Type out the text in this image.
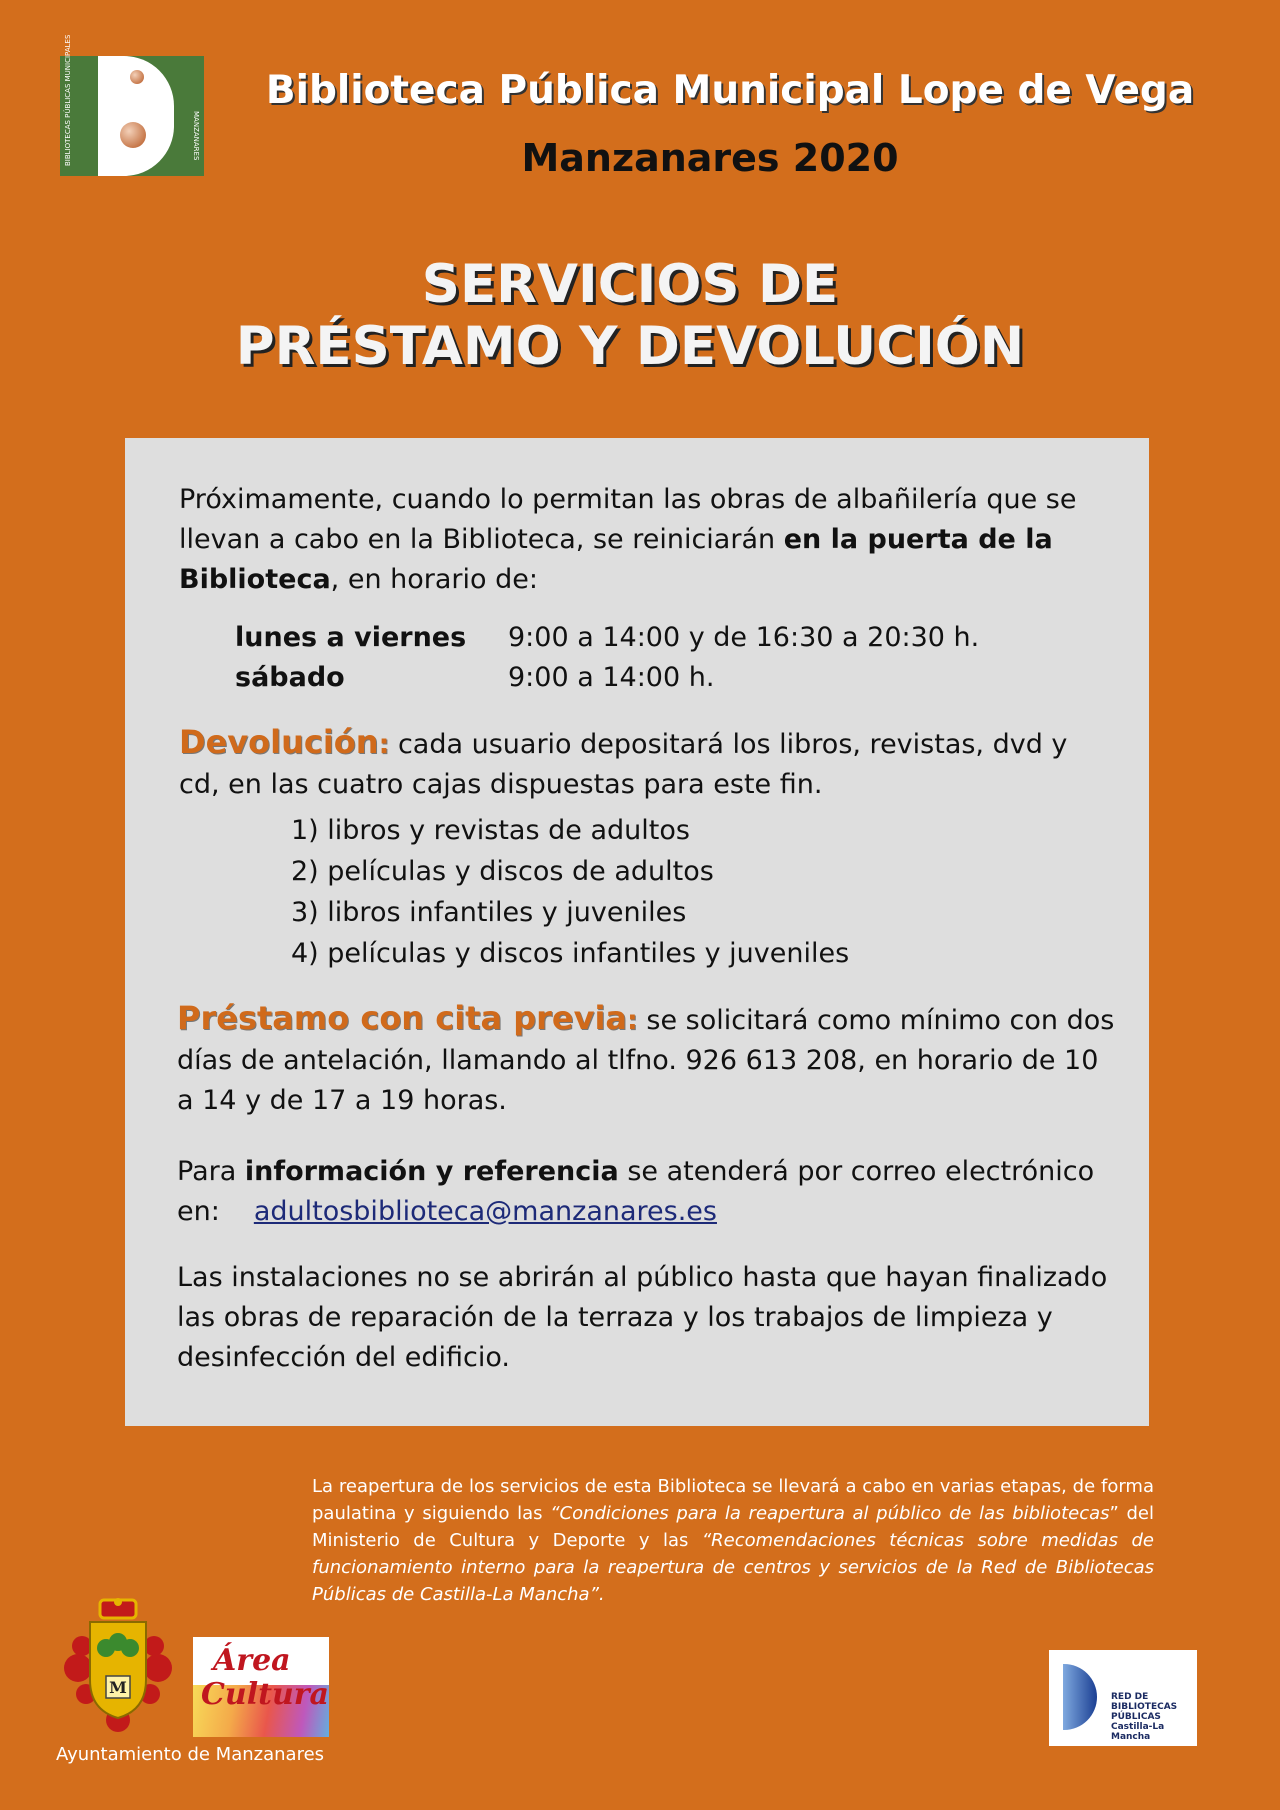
BIBLIOTECAS PÚBLICAS MUNICIPALES	MANZANARES
Biblioteca Pública Municipal Lope de Vega
Manzanares 2020
SERVICIOS DE
PRÉSTAMO Y DEVOLUCIÓN

Próximamente, cuando lo permitan las obras de albañilería que se llevan a cabo en la Biblioteca, se reiniciarán en la puerta de la Biblioteca, en horario de:

lunes a viernes	9:00 a 14:00 y de 16:30 a 20:30 h.
sábado	9:00 a 14:00 h.

Devolución: cada usuario depositará los libros, revistas, dvd y cd, en las cuatro cajas dispuestas para este fin.

1) libros y revistas de adultos
2) películas y discos de adultos
3) libros infantiles y juveniles
4) películas y discos infantiles y juveniles

Préstamo con cita previa: se solicitará como mínimo con dos días de antelación, llamando al tlfno. 926 613 208, en horario de 10 a 14 y de 17 a 19 horas.

Para información y referencia se atenderá por correo electrónico en: adultosbiblioteca@manzanares.es

Las instalaciones no se abrirán al público hasta que hayan finalizado las obras de reparación de la terraza y los trabajos de limpieza y desinfección del edificio.

La reapertura de los servicios de esta Biblioteca se llevará a cabo en varias etapas, de forma paulatina y siguiendo las “Condiciones para la reapertura al público de las bibliotecas” del Ministerio de Cultura y Deporte y las “Recomendaciones técnicas sobre medidas de funcionamiento interno para la reapertura de centros y servicios de la Red de Bibliotecas Públicas de Castilla-La Mancha”.
M
Ayuntamiento de Manzanares
Área
Cultura	RED DE
BIBLIOTECAS
PÚBLICAS
Castilla-La Mancha
